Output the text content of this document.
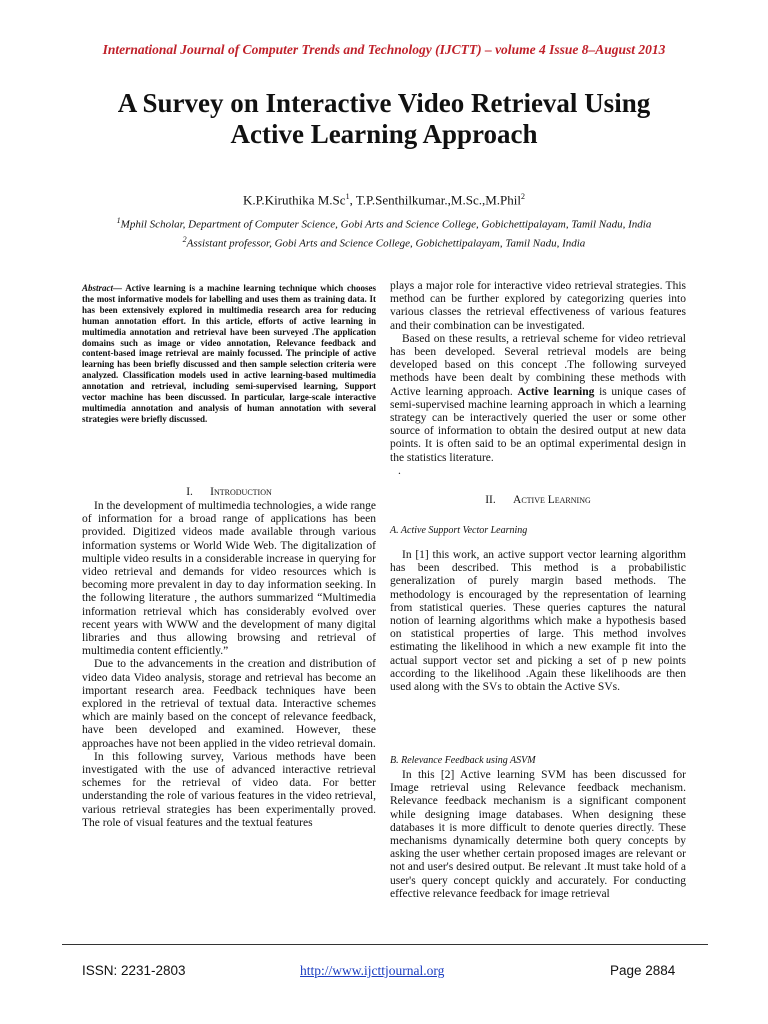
International Journal of Computer Trends and Technology (IJCTT) – volume 4 Issue 8–August 2013
A Survey on Interactive Video Retrieval Using
Active Learning Approach
K.P.Kiruthika M.Sc$^1$, T.P.Senthilkumar.,M.Sc.,M.Phil$^2$
$^1$Mphil Scholar, Department of Computer Science, Gobi Arts and Science College, Gobichettipalayam, Tamil Nadu, India
$^2$Assistant professor, Gobi Arts and Science College, Gobichettipalayam, Tamil Nadu, India
Abstract— Active learning is a machine learning technique which chooses the most informative models for labelling and uses them as training data. It has been extensively explored in multimedia research area for reducing human annotation effort. In this article, efforts of active learning in multimedia annotation and retrieval have been surveyed .The application domains such as image or video annotation, Relevance feedback and content-based image retrieval are mainly focussed. The principle of active learning has been briefly discussed and then sample selection criteria were analyzed. Classification models used in active learning-based multimedia annotation and retrieval, including semi-supervised learning, Support vector machine has been discussed. In particular, large-scale interactive multimedia annotation and analysis of human annotation with several strategies were briefly discussed.
I. Introduction

In the development of multimedia technologies, a wide range of information for a broad range of applications has been provided. Digitized videos made available through various information systems or World Wide Web. The digitalization of multiple video results in a considerable increase in querying for video retrieval and demands for video resources which is becoming more prevalent in day to day information seeking. In the following literature , the authors summarized “Multimedia information retrieval which has considerably evolved over recent years with WWW and the development of many digital libraries and thus allowing browsing and retrieval of multimedia content efficiently.”

Due to the advancements in the creation and distribution of video data Video analysis, storage and retrieval has become an important research area. Feedback techniques have been explored in the retrieval of textual data. Interactive schemes which are mainly based on the concept of relevance feedback, have been developed and examined. However, these approaches have not been applied in the video retrieval domain.

In this following survey, Various methods have been investigated with the use of advanced interactive retrieval schemes for the retrieval of video data. For better understanding the role of various features in the video retrieval, various retrieval strategies has been experimentally proved. The role of visual features and the textual features

plays a major role for interactive video retrieval strategies. This method can be further explored by categorizing queries into various classes the retrieval effectiveness of various features and their combination can be investigated.

Based on these results, a retrieval scheme for video retrieval has been developed. Several retrieval models are being developed based on this concept .The following surveyed methods have been dealt by combining these methods with Active learning approach. Active learning is unique cases of semi-supervised machine learning approach in which a learning strategy can be interactively queried the user or some other source of information to obtain the desired output at new data points. It is often said to be an optimal experimental design in the statistics literature.

.

II. Active Learning
A. Active Support Vector Learning

In [1] this work, an active support vector learning algorithm has been described. This method is a probabilistic generalization of purely margin based methods. The methodology is encouraged by the representation of learning from statistical queries. These queries captures the natural notion of learning algorithms which make a hypothesis based on statistical properties of large. This method involves estimating the likelihood in which a new example fit into the actual support vector set and picking a set of p new points according to the likelihood .Again these likelihoods are then used along with the SVs to obtain the Active SVs.

B. Relevance Feedback using ASVM

In this [2] Active learning SVM has been discussed for Image retrieval using Relevance feedback mechanism. Relevance feedback mechanism is a significant component while designing image databases. When designing these databases it is more difficult to denote queries directly. These mechanisms dynamically determine both query concepts by asking the user whether certain proposed images are relevant or not and user's desired output. Be relevant .It must take hold of a user's query concept quickly and accurately. For conducting effective relevance feedback for image retrieval

ISSN: 2231-2803	http://www.ijcttjournal.org	Page 2884
